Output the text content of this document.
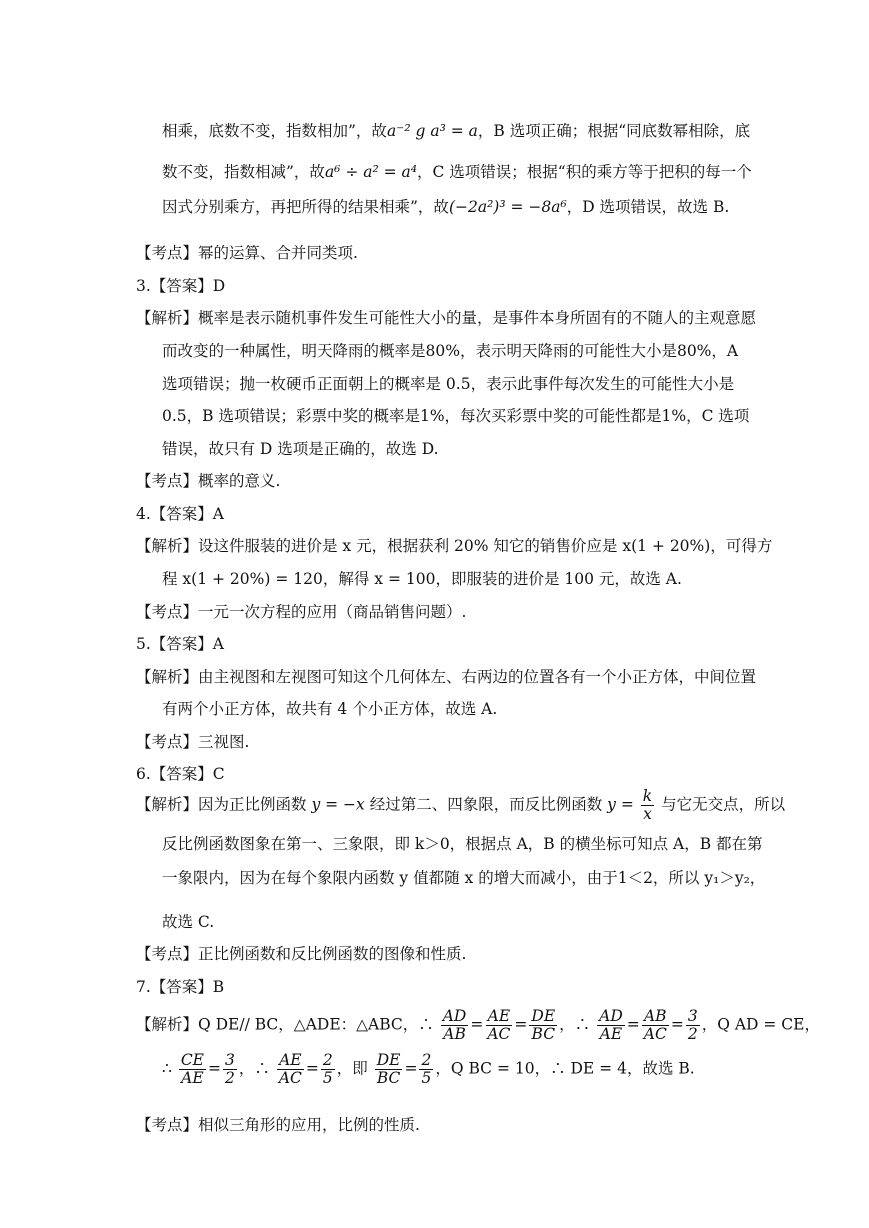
相乘，底数不变，指数相加”，故a⁻² g a³ = a，B 选项正确；根据“同底数幂相除，底
数不变，指数相减”，故a⁶ ÷ a² = a⁴，C 选项错误；根据“积的乘方等于把积的每一个
因式分别乘方，再把所得的结果相乘”，故(−2a²)³ = −8a⁶，D 选项错误，故选 B.
【考点】幂的运算、合并同类项.
3.【答案】D
【解析】概率是表示随机事件发生可能性大小的量，是事件本身所固有的不随人的主观意愿
而改变的一种属性，明天降雨的概率是80%，表示明天降雨的可能性大小是80%，A
选项错误；抛一枚硬币正面朝上的概率是 0.5，表示此事件每次发生的可能性大小是
0.5，B 选项错误；彩票中奖的概率是1%，每次买彩票中奖的可能性都是1%，C 选项
错误，故只有 D 选项是正确的，故选 D.
【考点】概率的意义.
4.【答案】A
【解析】设这件服装的进价是 x 元，根据获利 20% 知它的销售价应是 x(1 + 20%)，可得方
程 x(1 + 20%) = 120，解得 x = 100，即服装的进价是 100 元，故选 A.
【考点】一元一次方程的应用（商品销售问题）.
5.【答案】A
【解析】由主视图和左视图可知这个几何体左、右两边的位置各有一个小正方体，中间位置
有两个小正方体，故共有 4 个小正方体，故选 A.
【考点】三视图.
6.【答案】C
【解析】因为正比例函数 y = −x 经过第二、四象限，而反比例函数 $y = \frac{k}{x}$ 与它无交点，所以
反比例函数图象在第一、三象限，即 k＞0，根据点 A，B 的横坐标可知点 A，B 都在第
一象限内，因为在每个象限内函数 y 值都随 x 的增大而减小，由于1＜2，所以 y₁＞y₂，
故选 C.
【考点】正比例函数和反比例函数的图像和性质.
7.【答案】B
【解析】Q DE// BC，△ADE：△ABC，∴ $\frac{AD}{AB} = \frac{AE}{AC} = \frac{DE}{BC}$ ，∴ $\frac{AD}{AE} = \frac{AB}{AC} = \frac{3}{2}$ ，Q AD = CE，
∴ $\frac{CE}{AE} = \frac{3}{2}$ ，∴ $\frac{AE}{AC} = \frac{2}{5}$ ，即 $\frac{DE}{BC} = \frac{2}{5}$ ，Q BC = 10，∴ DE = 4，故选 B.
【考点】相似三角形的应用，比例的性质.
